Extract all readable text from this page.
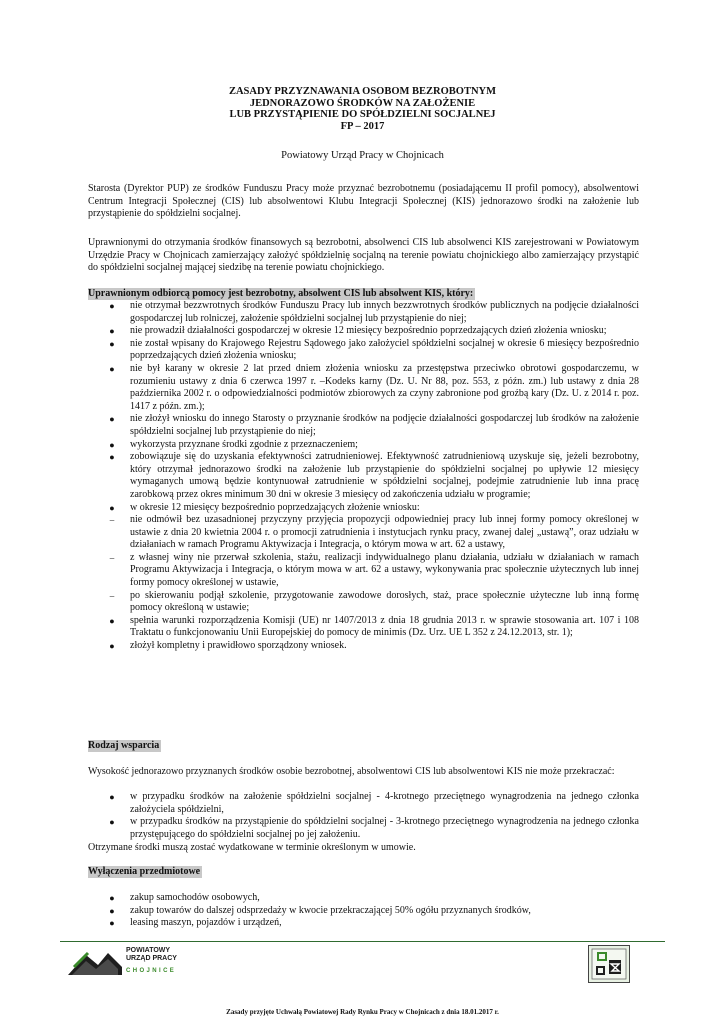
ZASADY PRZYZNAWANIA OSOBOM BEZROBOTNYM
JEDNORAZOWO ŚRODKÓW NA ZAŁOŻENIE
LUB PRZYSTĄPIENIE DO SPÓŁDZIELNI SOCJALNEJ
FP – 2017
Powiatowy Urząd Pracy w Chojnicach
Starosta (Dyrektor PUP) ze środków Funduszu Pracy może przyznać bezrobotnemu (posiadającemu II profil pomocy), absolwentowi Centrum Integracji Społecznej (CIS) lub absolwentowi Klubu Integracji Społecznej (KIS) jednorazowo środki na założenie lub przystąpienie do spółdzielni socjalnej.
Uprawnionymi do otrzymania środków finansowych są bezrobotni, absolwenci CIS lub absolwenci KIS zarejestrowani w Powiatowym Urzędzie Pracy w Chojnicach zamierzający założyć spółdzielnię socjalną na terenie powiatu chojnickiego albo zamierzający przystąpić do spółdzielni socjalnej mającej siedzibę na terenie powiatu chojnickiego.
Uprawnionym odbiorcą pomocy jest bezrobotny, absolwent CIS lub absolwent KIS, który:
●	nie otrzymał bezzwrotnych środków Funduszu Pracy lub innych bezzwrotnych środków publicznych na podjęcie działalności gospodarczej lub rolniczej, założenie spółdzielni socjalnej lub przystąpienie do niej;
●	nie prowadził działalności gospodarczej w okresie 12 miesięcy bezpośrednio poprzedzających dzień złożenia wniosku;
●	nie został wpisany do Krajowego Rejestru Sądowego jako założyciel spółdzielni socjalnej w okresie 6 miesięcy bezpośrednio poprzedzających dzień złożenia wniosku;
●	nie był karany w okresie 2 lat przed dniem złożenia wniosku za przestępstwa przeciwko obrotowi gospodarczemu, w rozumieniu ustawy z dnia 6 czerwca 1997 r. –Kodeks karny (Dz. U. Nr 88, poz. 553, z późn. zm.) lub ustawy z dnia 28 października 2002 r. o odpowiedzialności podmiotów zbiorowych za czyny zabronione pod groźbą kary (Dz. U. z 2014 r. poz. 1417 z późn. zm.);
●	nie złożył wniosku do innego Starosty o przyznanie środków na podjęcie działalności gospodarczej lub środków na założenie spółdzielni socjalnej lub przystąpienie do niej;
●	wykorzysta przyznane środki zgodnie z przeznaczeniem;
●	zobowiązuje się do uzyskania efektywności zatrudnieniowej. Efektywność zatrudnieniową uzyskuje się, jeżeli bezrobotny, który otrzymał jednorazowo środki na założenie lub przystąpienie do spółdzielni socjalnej po upływie 12 miesięcy wymaganych umową będzie kontynuował zatrudnienie w spółdzielni socjalnej, podejmie zatrudnienie lub inna pracę zarobkową przez okres minimum 30 dni w okresie 3 miesięcy od zakończenia udziału w programie;
●	w okresie 12 miesięcy bezpośrednio poprzedzających złożenie wniosku:
–	nie odmówił bez uzasadnionej przyczyny przyjęcia propozycji odpowiedniej pracy lub innej formy pomocy określonej w ustawie z dnia 20 kwietnia 2004 r. o promocji zatrudnienia i instytucjach rynku pracy, zwanej dalej „ustawą”, oraz udziału w działaniach w ramach Programu Aktywizacja i Integracja, o którym mowa w art. 62 a ustawy,
–	z własnej winy nie przerwał szkolenia, stażu, realizacji indywidualnego planu działania, udziału w działaniach w ramach Programu Aktywizacja i Integracja, o którym mowa w art. 62 a ustawy, wykonywania prac społecznie użytecznych lub innej formy pomocy określonej w ustawie,
–	po skierowaniu podjął szkolenie, przygotowanie zawodowe dorosłych, staż, prace społecznie użyteczne lub inną formę pomocy określoną w ustawie;
●	spełnia warunki rozporządzenia Komisji (UE) nr 1407/2013 z dnia 18 grudnia 2013 r. w sprawie stosowania art. 107 i 108 Traktatu o funkcjonowaniu Unii Europejskiej do pomocy de minimis (Dz. Urz. UE L 352 z 24.12.2013, str. 1);
●	złożył kompletny i prawidłowo sporządzony wniosek.
Rodzaj wsparcia
Wysokość jednorazowo przyznanych środków osobie bezrobotnej, absolwentowi CIS lub absolwentowi KIS nie może przekraczać:
●	w przypadku środków na założenie spółdzielni socjalnej - 4-krotnego przeciętnego wynagrodzenia na jednego członka założyciela spółdzielni,
●	w przypadku środków na przystąpienie do spółdzielni socjalnej - 3-krotnego przeciętnego wynagrodzenia na jednego członka przystępującego do spółdzielni socjalnej po jej założeniu.
Otrzymane środki muszą zostać wydatkowane w terminie określonym w umowie.
Wyłączenia przedmiotowe
●	zakup samochodów osobowych,
●	zakup towarów do dalszej odsprzedaży w kwocie przekraczającej 50% ogółu przyznanych środków,
●	leasing maszyn, pojazdów i urządzeń,
POWIATOWY
URZĄD PRACY
CHOJNICE
Zasady przyjęte Uchwałą Powiatowej Rady Rynku Pracy w Chojnicach z dnia 18.01.2017 r.
